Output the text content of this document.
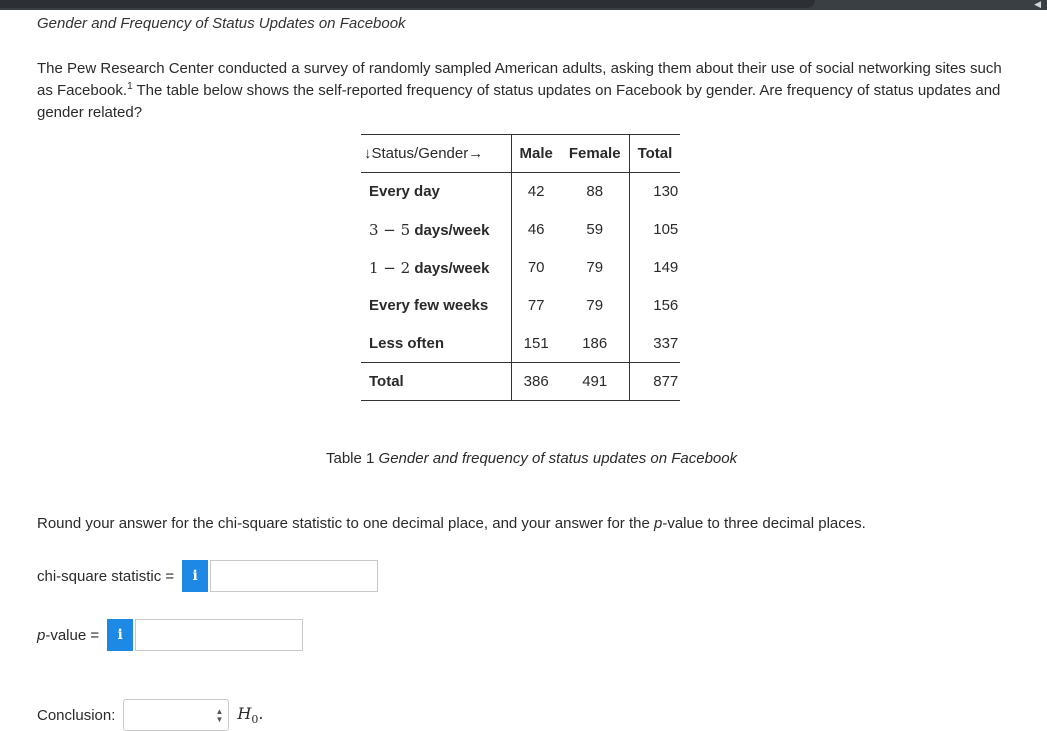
◀
Gender and Frequency of Status Updates on Facebook
The Pew Research Center conducted a survey of randomly sampled American adults, asking them about their use of social networking sites such as Facebook.$^1$ The table below shows the self-reported frequency of status updates on Facebook by gender. Are frequency of status updates and gender related?
↓Status/Gender→	Male	Female	Total
Every day	42	88	130
3 − 5 days/week	46	59	105
1 − 2 days/week	70	79	149
Every few weeks	77	79	156
Less often	151	186	337
Total	386	491	877
Table 1 Gender and frequency of status updates on Facebook
Round your answer for the chi-square statistic to one decimal place, and your answer for the p-value to three decimal places.
chi-square statistic =	i
p-value =	i
Conclusion:	▲
▼ $H_0$.
